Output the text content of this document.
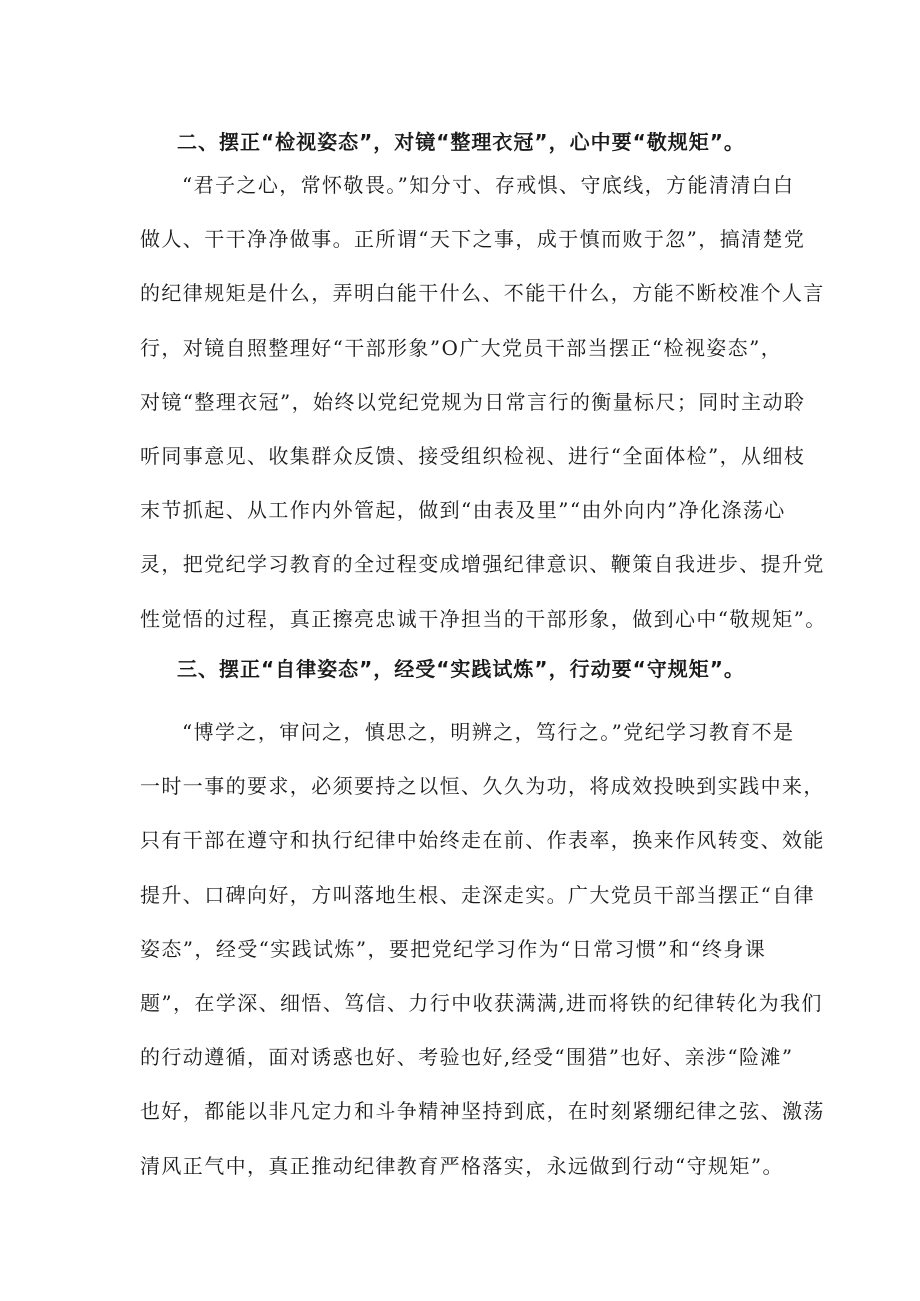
二、摆正“检视姿态”，对镜“整理衣冠”，心中要“敬规矩”。
“君子之心，常怀敬畏。”知分寸、存戒惧、守底线，方能清清白白
做人、干干净净做事。正所谓“天下之事，成于慎而败于忽”，搞清楚党
的纪律规矩是什么，弄明白能干什么、不能干什么，方能不断校准个人言
行，对镜自照整理好“干部形象”O广大党员干部当摆正“检视姿态”，
对镜“整理衣冠”，始终以党纪党规为日常言行的衡量标尺；同时主动聆
听同事意见、收集群众反馈、接受组织检视、进行“全面体检”，从细枝
末节抓起、从工作内外管起，做到“由表及里”“由外向内”净化涤荡心
灵，把党纪学习教育的全过程变成增强纪律意识、鞭策自我进步、提升党
性觉悟的过程，真正擦亮忠诚干净担当的干部形象，做到心中“敬规矩”。
三、摆正“自律姿态”，经受“实践试炼”，行动要“守规矩”。
“博学之，审问之，慎思之，明辨之，笃行之。”党纪学习教育不是
一时一事的要求，必须要持之以恒、久久为功，将成效投映到实践中来，
只有干部在遵守和执行纪律中始终走在前、作表率，换来作风转变、效能
提升、口碑向好，方叫落地生根、走深走实。广大党员干部当摆正“自律
姿态”，经受“实践试炼”，要把党纪学习作为“日常习惯”和“终身课
题”，在学深、细悟、笃信、力行中收获满满,进而将铁的纪律转化为我们
的行动遵循，面对诱惑也好、考验也好,经受“围猎”也好、亲涉“险滩”
也好，都能以非凡定力和斗争精神坚持到底，在时刻紧绷纪律之弦、激荡
清风正气中，真正推动纪律教育严格落实，永远做到行动“守规矩”。
